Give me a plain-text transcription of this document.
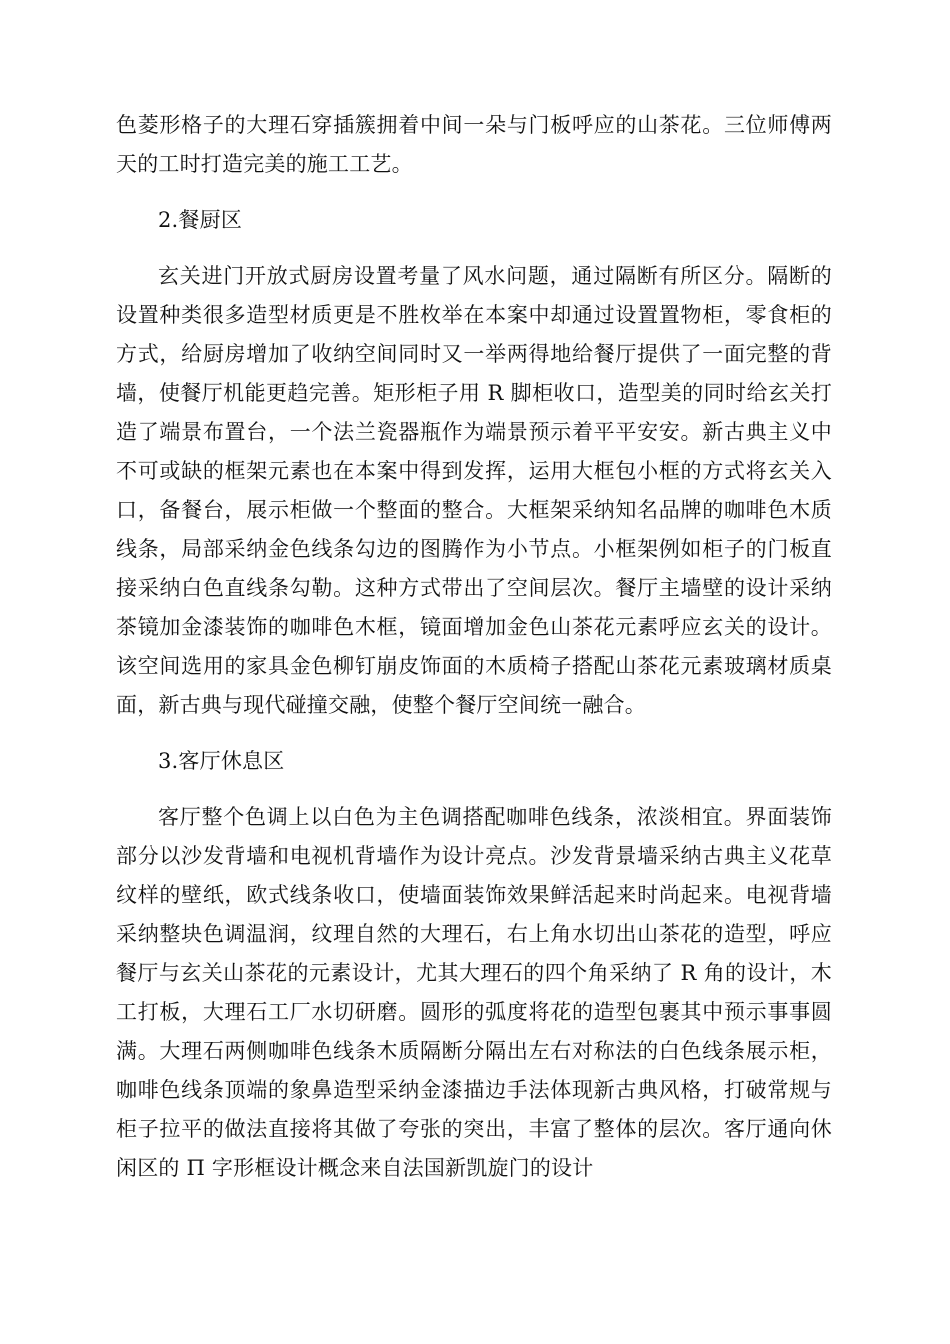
色菱形格子的大理石穿插簇拥着中间一朵与门板呼应的山茶花。三位师傅两天的工时打造完美的施工工艺。

2.餐厨区

玄关进门开放式厨房设置考量了风水问题，通过隔断有所区分。隔断的设置种类很多造型材质更是不胜枚举在本案中却通过设置置物柜，零食柜的方式，给厨房增加了收纳空间同时又一举两得地给餐厅提供了一面完整的背墙，使餐厅机能更趋完善。矩形柜子用 R 脚柜收口，造型美的同时给玄关打造了端景布置台，一个法兰瓷器瓶作为端景预示着平平安安。新古典主义中不可或缺的框架元素也在本案中得到发挥，运用大框包小框的方式将玄关入口，备餐台，展示柜做一个整面的整合。大框架采纳知名品牌的咖啡色木质线条，局部采纳金色线条勾边的图腾作为小节点。小框架例如柜子的门板直接采纳白色直线条勾勒。这种方式带出了空间层次。餐厅主墙壁的设计采纳茶镜加金漆装饰的咖啡色木框，镜面增加金色山茶花元素呼应玄关的设计。该空间选用的家具金色柳钉崩皮饰面的木质椅子搭配山茶花元素玻璃材质桌面，新古典与现代碰撞交融，使整个餐厅空间统一融合。

3.客厅休息区

客厅整个色调上以白色为主色调搭配咖啡色线条，浓淡相宜。界面装饰部分以沙发背墙和电视机背墙作为设计亮点。沙发背景墙采纳古典主义花草纹样的壁纸，欧式线条收口，使墙面装饰效果鲜活起来时尚起来。电视背墙采纳整块色调温润，纹理自然的大理石，右上角水切出山茶花的造型，呼应餐厅与玄关山茶花的元素设计，尤其大理石的四个角采纳了 R 角的设计，木工打板，大理石工厂水切研磨。圆形的弧度将花的造型包裹其中预示事事圆满。大理石两侧咖啡色线条木质隔断分隔出左右对称法的白色线条展示柜，咖啡色线条顶端的象鼻造型采纳金漆描边手法体现新古典风格，打破常规与柜子拉平的做法直接将其做了夸张的突出，丰富了整体的层次。客厅通向休闲区的 П 字形框设计概念来自法国新凯旋门的设计
